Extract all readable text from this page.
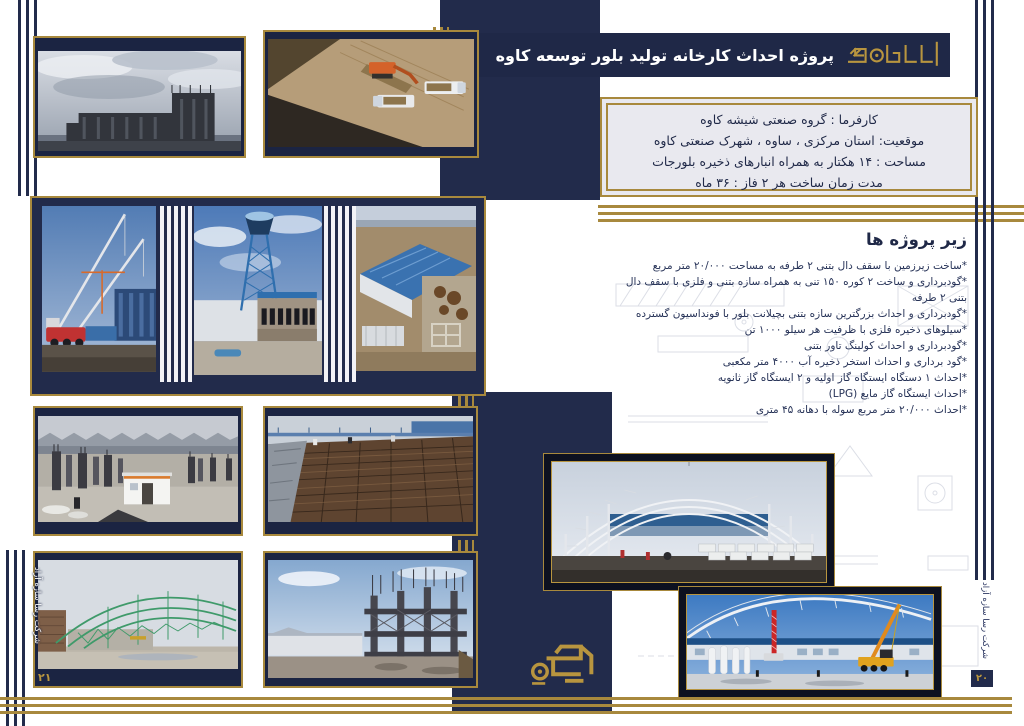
پروژه احداث کارخانه تولید بلور توسعه کاوه
کارفرما : گروه صنعتی شیشه کاوه
موقعیت: استان مرکزی ، ساوه ، شهرک صنعتی کاوه
مساحت : ۱۴ هکتار به همراه انبارهای ذخیره بلورجات
مدت زمان ساخت هر ۲ فاز : ۳۶ ماه
زیر پروژه ها
*ساخت زیرزمین با سقف دال بتنی ۲ طرفه به مساحت ۲۰/۰۰۰ متر مربع
*گودبرداری و ساخت ۲ کوره ۱۵۰ تنی به همراه سازه بتنی و فلزی با سقف دال بتنی ۲ طرفه
*گودبرداری و احداث بزرگترین سازه بتنی بچیلانت بلور با فونداسیون گسترده
*سیلوهای ذخیره فلزی با ظرفیت هر سیلو ۱۰۰۰ تن
*گودبرداری و احداث کولینگ تاور بتنی
*گود برداری و احداث استخر ذخیره آب ۴۰۰۰ متر مکعبی
*احداث ۱ دستگاه ایستگاه گاز اولیه و ۲ ایستگاه گاز ثانویه
*احداث ایستگاه گاز مایع (LPG)
*احداث ۲۰/۰۰۰ متر مربع سوله با دهانه ۴۵ متری
شرکت رسا سازه آزاد
۲۱
شرکت رسا سازه آزاد
۲۰
